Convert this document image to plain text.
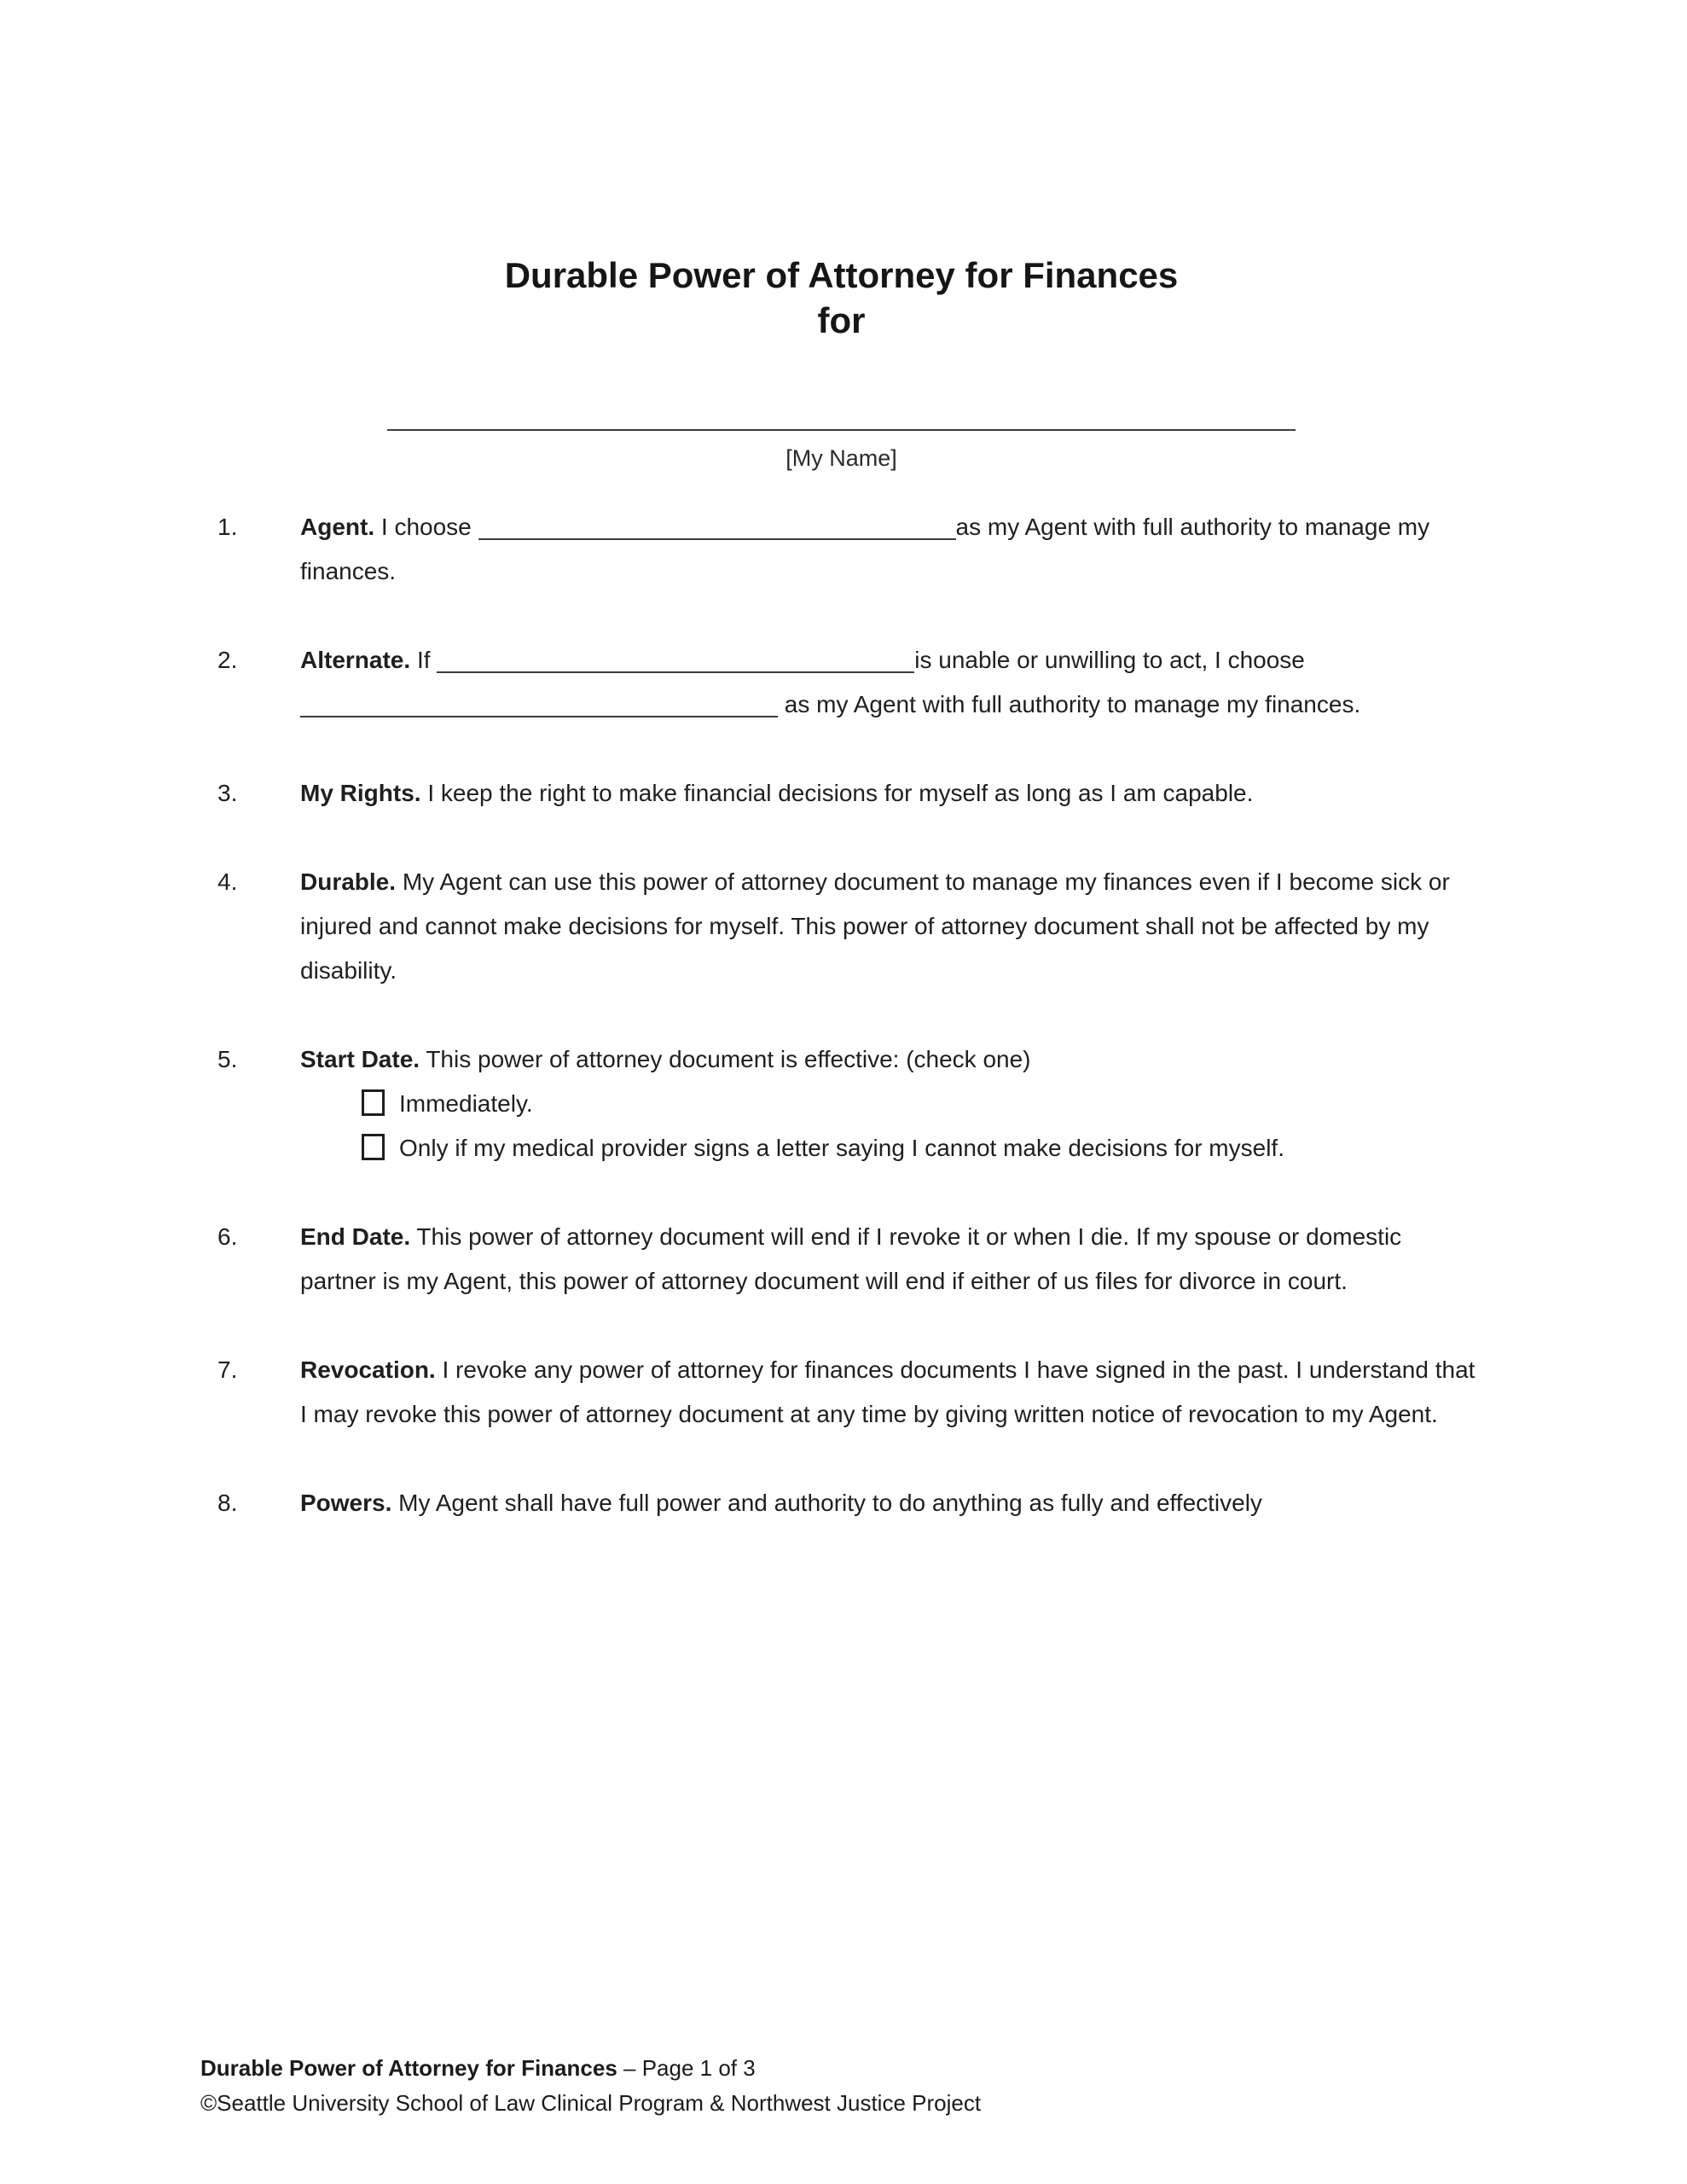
Durable Power of Attorney for Finances
for
[My Name]
1.	Agent. I choose	as my Agent with full authority to manage my finances.
2.	Alternate. If	is unable or unwilling to act, I choose  as my Agent with full authority to manage my finances.
3.	My Rights. I keep the right to make financial decisions for myself as long as I am capable.
4.	Durable. My Agent can use this power of attorney document to manage my finances even if I become sick or injured and cannot make decisions for myself. This power of attorney document shall not be affected by my disability.
5.	Start Date. This power of attorney document is effective: (check one)
Immediately.
Only if my medical provider signs a letter saying I cannot make decisions for myself.
6.	End Date. This power of attorney document will end if I revoke it or when I die. If my spouse or domestic partner is my Agent, this power of attorney document will end if either of us files for divorce in court.
7.	Revocation. I revoke any power of attorney for finances documents I have signed in the past. I understand that I may revoke this power of attorney document at any time by giving written notice of revocation to my Agent.
8.	Powers. My Agent shall have full power and authority to do anything as fully and effectively
Durable Power of Attorney for Finances – Page 1 of 3
©Seattle University School of Law Clinical Program & Northwest Justice Project
